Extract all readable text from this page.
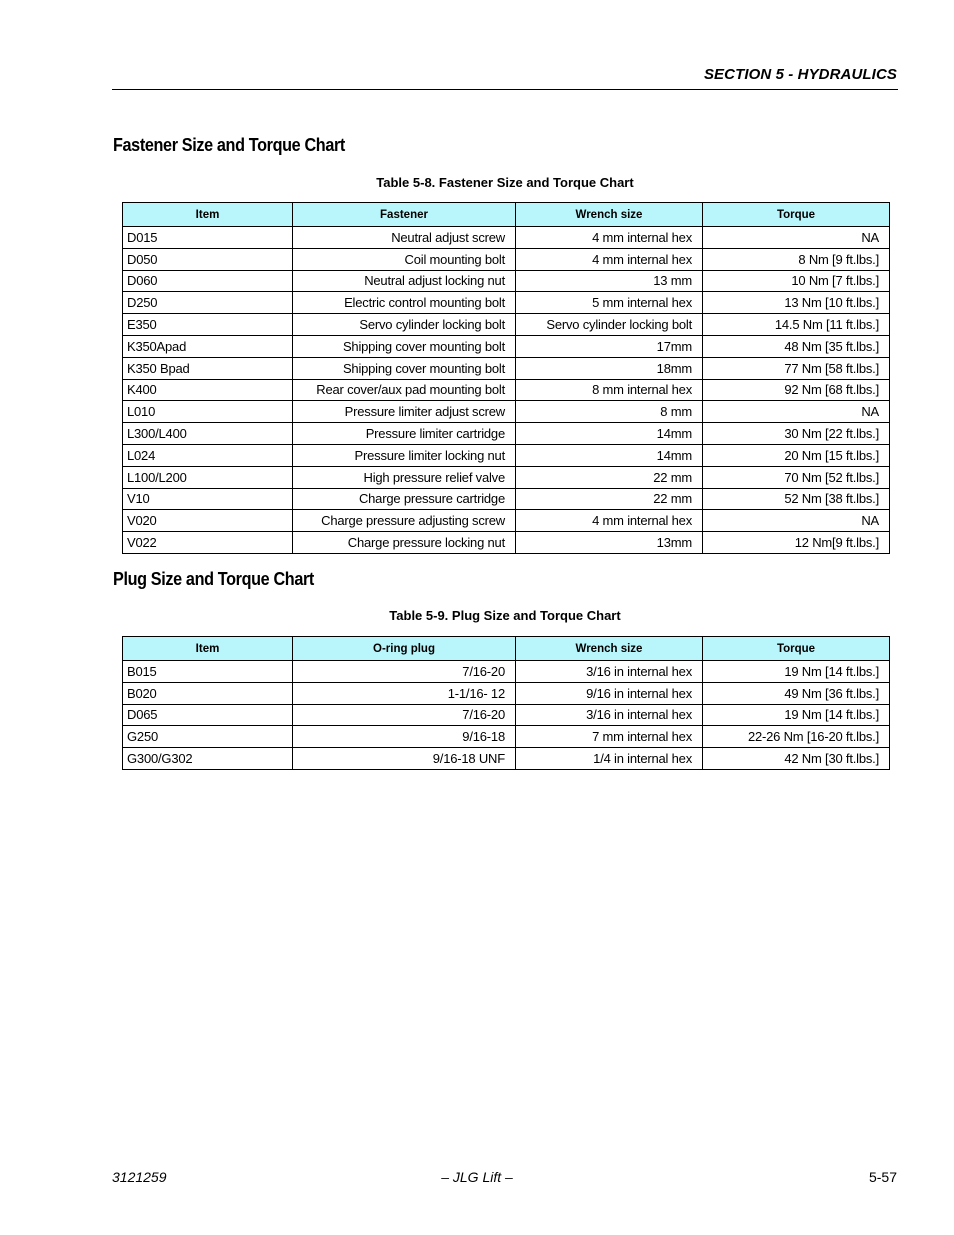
SECTION 5 - HYDRAULICS
Fastener Size and Torque Chart
Table 5-8. Fastener Size and Torque Chart
Item	Fastener	Wrench size	Torque
D015	Neutral adjust screw	4 mm internal hex	NA
D050	Coil mounting bolt	4 mm internal hex	8 Nm [9 ft.lbs.]
D060	Neutral adjust locking nut	13 mm	10 Nm [7 ft.lbs.]
D250	Electric control mounting bolt	5 mm internal hex	13 Nm [10 ft.lbs.]
E350	Servo cylinder locking bolt	Servo cylinder locking bolt	14.5 Nm [11 ft.lbs.]
K350Apad	Shipping cover mounting bolt	17mm	48 Nm [35 ft.lbs.]
K350 Bpad	Shipping cover mounting bolt	18mm	77 Nm [58 ft.lbs.]
K400	Rear cover/aux pad mounting bolt	8 mm internal hex	92 Nm [68 ft.lbs.]
L010	Pressure limiter adjust screw	8 mm	NA
L300/L400	Pressure limiter cartridge	14mm	30 Nm [22 ft.lbs.]
L024	Pressure limiter locking nut	14mm	20 Nm [15 ft.lbs.]
L100/L200	High pressure relief valve	22 mm	70 Nm [52 ft.lbs.]
V10	Charge pressure cartridge	22 mm	52 Nm [38 ft.lbs.]
V020	Charge pressure adjusting screw	4 mm internal hex	NA
V022	Charge pressure locking nut	13mm	12 Nm[9 ft.lbs.]
Plug Size and Torque Chart
Table 5-9. Plug Size and Torque Chart
Item	O-ring plug	Wrench size	Torque
B015	7/16-20	3/16 in internal hex	19 Nm [14 ft.lbs.]
B020	1-1/16- 12	9/16 in internal hex	49 Nm [36 ft.lbs.]
D065	7/16-20	3/16 in internal hex	19 Nm [14 ft.lbs.]
G250	9/16-18	7 mm internal hex	22-26 Nm [16-20 ft.lbs.]
G300/G302	9/16-18 UNF	1/4 in internal hex	42 Nm [30 ft.lbs.]
3121259	– JLG Lift –	5-57
